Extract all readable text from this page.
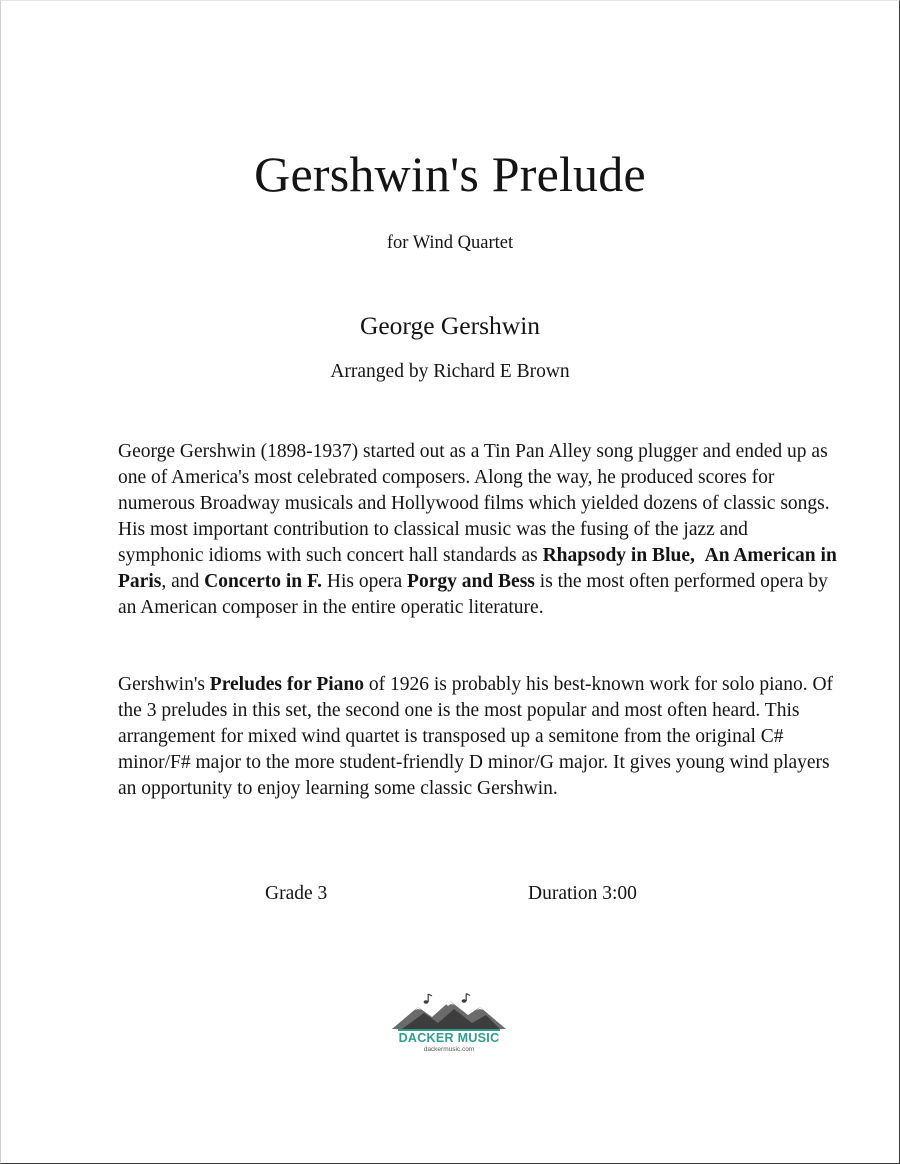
Gershwin's Prelude
for Wind Quartet
George Gershwin
Arranged by Richard E Brown

George Gershwin (1898-1937) started out as a Tin Pan Alley song plugger and ended up as one of America's most celebrated composers. Along the way, he produced scores for numerous Broadway musicals and Hollywood films which yielded dozens of classic songs. His most important contribution to classical music was the fusing of the jazz and symphonic idioms with such concert hall standards as Rhapsody in Blue, An American in Paris, and Concerto in F. His opera Porgy and Bess is the most often performed opera by an American composer in the entire operatic literature.

Gershwin's Preludes for Piano of 1926 is probably his best-known work for solo piano. Of the 3 preludes in this set, the second one is the most popular and most often heard. This arrangement for mixed wind quartet is transposed up a semitone from the original C# minor/F# major to the more student-friendly D minor/G major. It gives young wind players an opportunity to enjoy learning some classic Gershwin.

Grade 3	Duration 3:00
DACKER MUSIC
dackermusic.com
